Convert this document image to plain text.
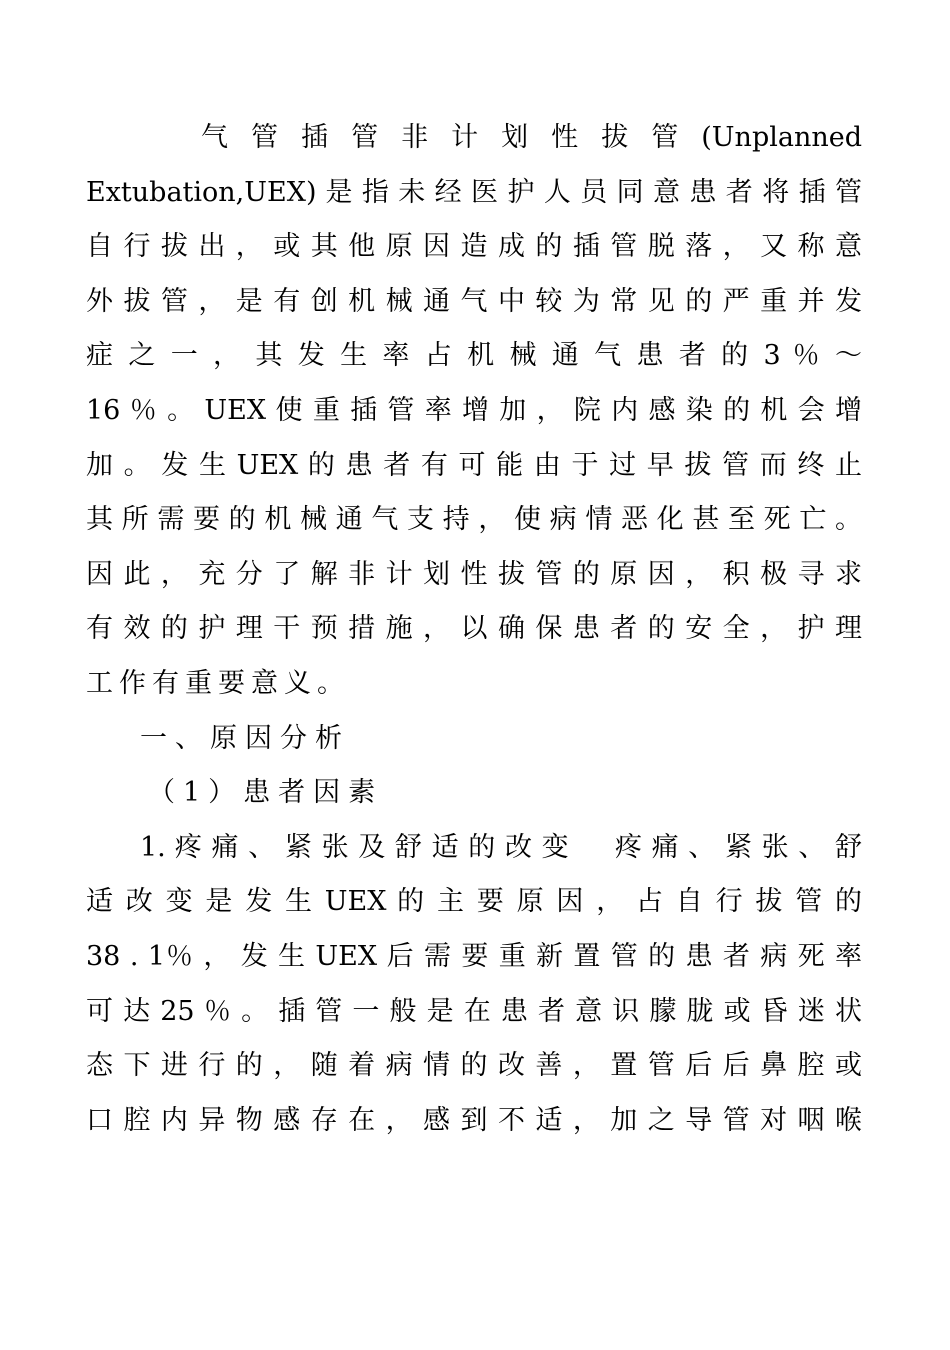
气 管 插 管 非 计 划 性 拔 管 (Unplanned
Extubation,UEX) 是 指 未 经 医 护 人 员 同 意 患 者 将 插 管
自 行 拔 出 ， 或 其 他 原 因 造 成 的 插 管 脱 落 ， 又 称 意
外 拔 管 ， 是 有 创 机 械 通 气 中 较 为 常 见 的 严 重 并 发
症 之 一 ， 其 发 生 率 占 机 械 通 气 患 者 的 3 ％ ～
16 ％ 。 UEX 使 重 插 管 率 增 加 ， 院 内 感 染 的 机 会 增
加 。 发 生 UEX 的 患 者 有 可 能 由 于 过 早 拔 管 而 终 止
其 所 需 要 的 机 械 通 气 支 持 ， 使 病 情 恶 化 甚 至 死 亡 。
因 此 ， 充 分 了 解 非 计 划 性 拔 管 的 原 因 ， 积 极 寻 求
有 效 的 护 理 干 预 措 施 ， 以 确 保 患 者 的 安 全 ， 护 理
工作有重要意义。
一、原因分析
（1）患者因素
1. 疼 痛 、 紧 张 及 舒 适 的 改 变 　 疼 痛 、 紧 张 、 舒
适 改 变 是 发 生 UEX 的 主 要 原 因 ， 占 自 行 拔 管 的
38 . 1％ ， 发 生 UEX 后 需 要 重 新 置 管 的 患 者 病 死 率
可 达 25 ％ 。 插 管 一 般 是 在 患 者 意 识 朦 胧 或 昏 迷 状
态 下 进 行 的 ， 随 着 病 情 的 改 善 ， 置 管 后 后 鼻 腔 或
口 腔 内 异 物 感 存 在 ， 感 到 不 适 ， 加 之 导 管 对 咽 喉
